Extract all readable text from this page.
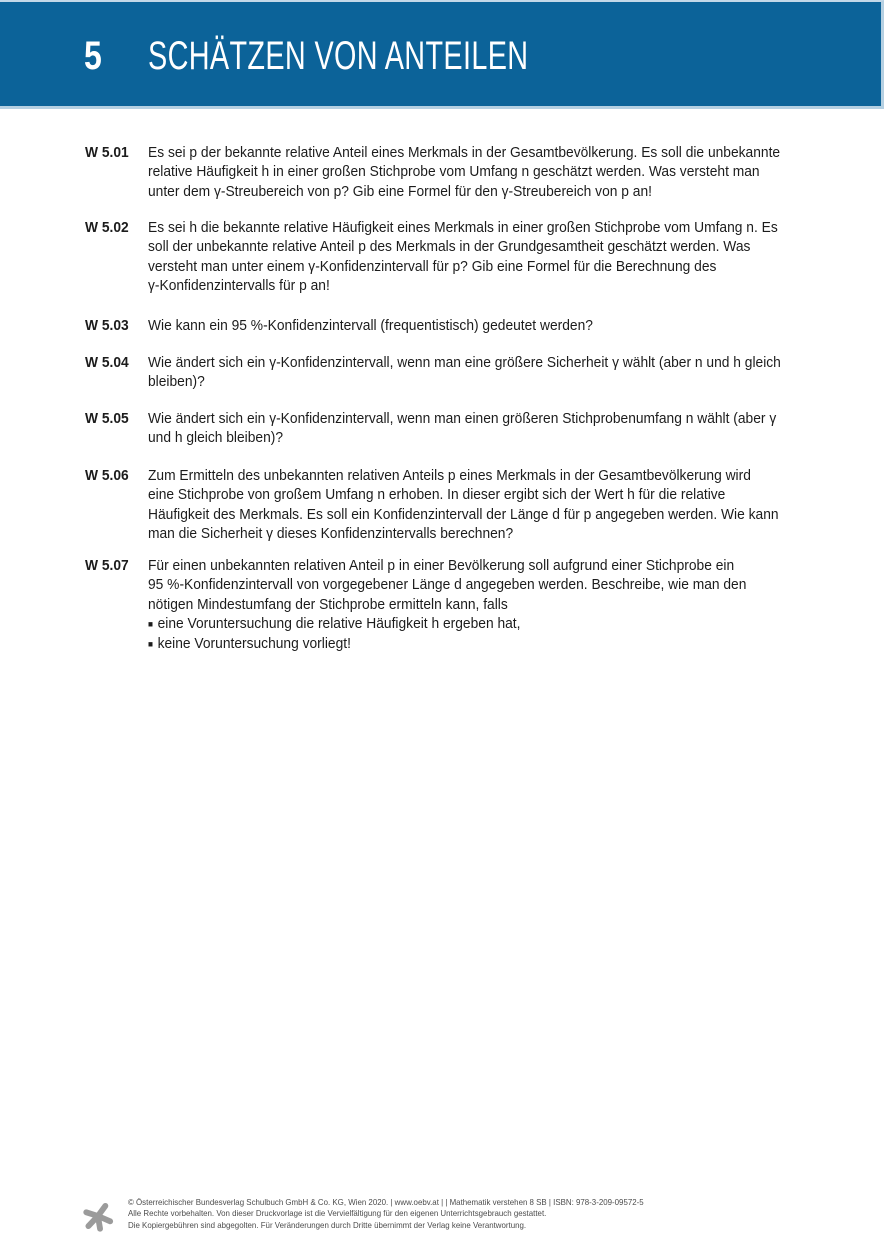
5 SCHÄTZEN VON ANTEILEN
W 5.01 Es sei p der bekannte relative Anteil eines Merkmals in der Gesamtbevölkerung. Es soll die unbekannte
relative Häufigkeit h in einer großen Stichprobe vom Umfang n geschätzt werden. Was versteht man
unter dem γ-Streubereich von p? Gib eine Formel für den γ-Streubereich von p an!
W 5.02 Es sei h die bekannte relative Häufigkeit eines Merkmals in einer großen Stichprobe vom Umfang n. Es
soll der unbekannte relative Anteil p des Merkmals in der Grundgesamtheit geschätzt werden. Was
versteht man unter einem γ-Konfidenzintervall für p? Gib eine Formel für die Berechnung des
γ-Konfidenzintervalls für p an!
W 5.03 Wie kann ein 95 %-Konfidenzintervall (frequentistisch) gedeutet werden?
W 5.04 Wie ändert sich ein γ-Konfidenzintervall, wenn man eine größere Sicherheit γ wählt (aber n und h gleich
bleiben)?
W 5.05 Wie ändert sich ein γ-Konfidenzintervall, wenn man einen größeren Stichprobenumfang n wählt (aber γ
und h gleich bleiben)?
W 5.06 Zum Ermitteln des unbekannten relativen Anteils p eines Merkmals in der Gesamtbevölkerung wird
eine Stichprobe von großem Umfang n erhoben. In dieser ergibt sich der Wert h für die relative
Häufigkeit des Merkmals. Es soll ein Konfidenzintervall der Länge d für p angegeben werden. Wie kann
man die Sicherheit γ dieses Konfidenzintervalls berechnen?
W 5.07 Für einen unbekannten relativen Anteil p in einer Bevölkerung soll aufgrund einer Stichprobe ein
95 %-Konfidenzintervall von vorgegebener Länge d angegeben werden. Beschreibe, wie man den
nötigen Mindestumfang der Stichprobe ermitteln kann, falls
■ eine Voruntersuchung die relative Häufigkeit h ergeben hat,
■ keine Voruntersuchung vorliegt!
© Österreichischer Bundesverlag Schulbuch GmbH & Co. KG, Wien 2020. | www.oebv.at | | Mathematik verstehen 8 SB | ISBN: 978-3-209-09572-5
Alle Rechte vorbehalten. Von dieser Druckvorlage ist die Vervielfältigung für den eigenen Unterrichtsgebrauch gestattet.
Die Kopiergebühren sind abgegolten. Für Veränderungen durch Dritte übernimmt der Verlag keine Verantwortung.
